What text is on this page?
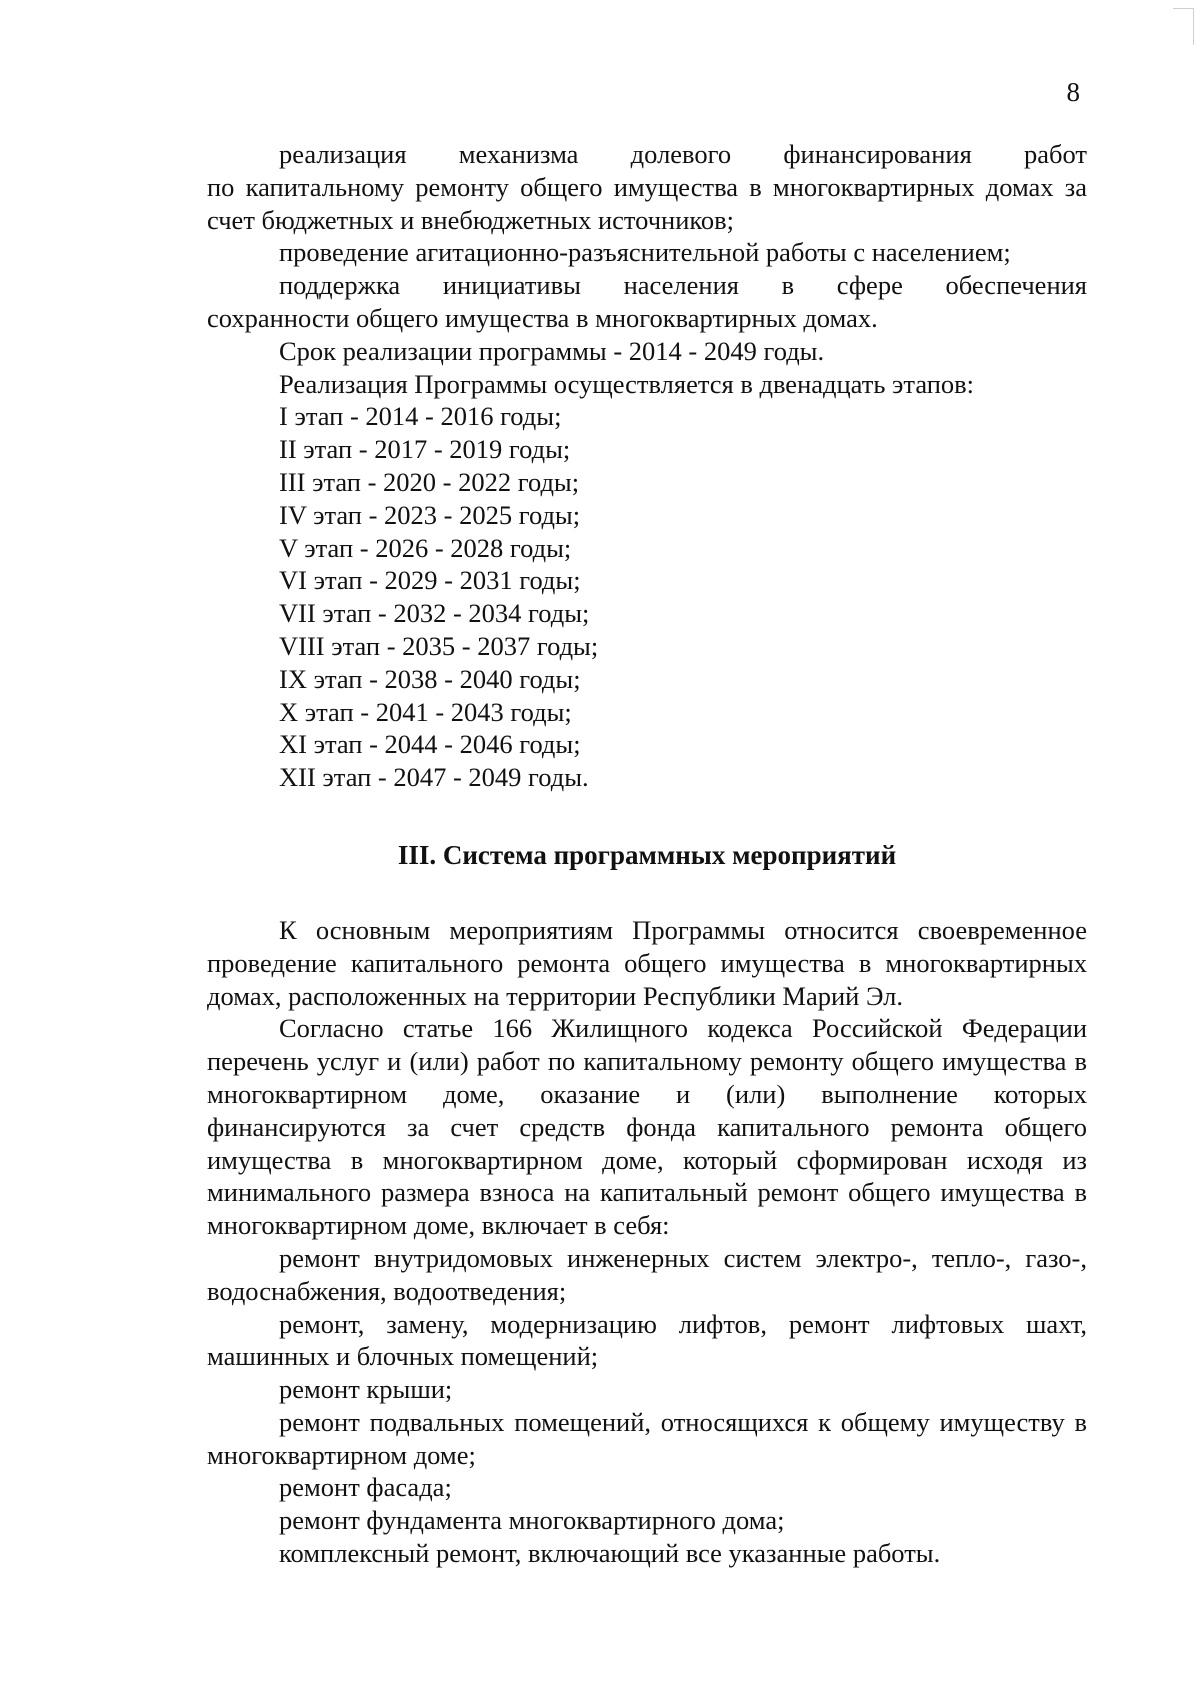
8

реализация механизма долевого финансирования работ

по капитальному ремонту общего имущества в многоквартирных домах за счет бюджетных и внебюджетных источников;

проведение агитационно-разъяснительной работы с населением;

поддержка инициативы населения в сфере обеспечения

сохранности общего имущества в многоквартирных домах.

Срок реализации программы - 2014 - 2049 годы.

Реализация Программы осуществляется в двенадцать этапов:

I этап - 2014 - 2016 годы;

II этап - 2017 - 2019 годы;

III этап - 2020 - 2022 годы;

IV этап - 2023 - 2025 годы;

V этап - 2026 - 2028 годы;

VI этап - 2029 - 2031 годы;

VII этап - 2032 - 2034 годы;

VIII этап - 2035 - 2037 годы;

IX этап - 2038 - 2040 годы;

X этап - 2041 - 2043 годы;

XI этап - 2044 - 2046 годы;

XII этап - 2047 - 2049 годы.

III. Система программных мероприятий

К основным мероприятиям Программы относится своевременное проведение капитального ремонта общего имущества в многоквартирных домах, расположенных на территории Республики Марий Эл.

Согласно статье 166 Жилищного кодекса Российской Федерации перечень услуг и (или) работ по капитальному ремонту общего имущества в многоквартирном доме, оказание и (или) выполнение которых финансируются за счет средств фонда капитального ремонта общего имущества в многоквартирном доме, который сформирован исходя из минимального размера взноса на капитальный ремонт общего имущества в многоквартирном доме, включает в себя:

ремонт внутридомовых инженерных систем электро-, тепло-, газо-, водоснабжения, водоотведения;

ремонт, замену, модернизацию лифтов, ремонт лифтовых шахт, машинных и блочных помещений;

ремонт крыши;

ремонт подвальных помещений, относящихся к общему имуществу в многоквартирном доме;

ремонт фасада;

ремонт фундамента многоквартирного дома;

комплексный ремонт, включающий все указанные работы.
